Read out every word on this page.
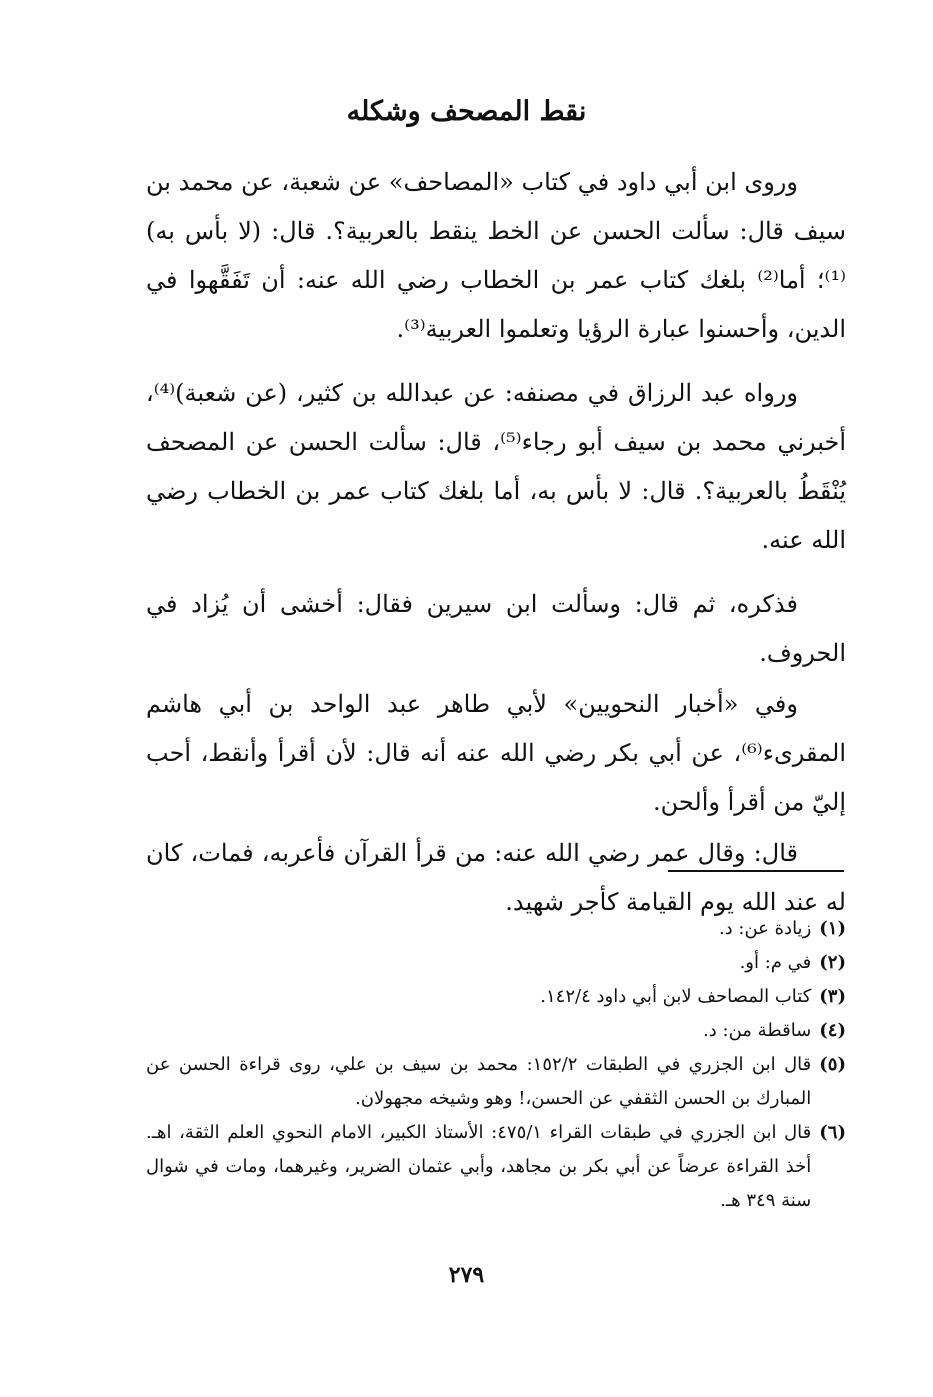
نقط المصحف وشكله

وروى ابن أبي داود في كتاب «المصاحف» عن شعبة، عن محمد بن سيف قال: سألت الحسن عن الخط ينقط بالعربية؟. قال: (لا بأس به)⁽¹⁾؛ أما⁽²⁾ بلغك كتاب عمر بن الخطاب رضي الله عنه: أن تَفَقَّهوا في الدين، وأحسنوا عبارة الرؤيا وتعلموا العربية⁽³⁾.

ورواه عبد الرزاق في مصنفه: عن عبدالله بن كثير، (عن شعبة)⁽⁴⁾، أخبرني محمد بن سيف أبو رجاء⁽⁵⁾، قال: سألت الحسن عن المصحف يُنْقَطُ بالعربية؟. قال: لا بأس به، أما بلغك كتاب عمر بن الخطاب رضي الله عنه.

فذكره، ثم قال: وسألت ابن سيرين فقال: أخشى أن يُزاد في الحروف.

وفي «أخبار النحويين» لأبي طاهر عبد الواحد بن أبي هاشم المقرىء⁽⁶⁾، عن أبي بكر رضي الله عنه أنه قال: لأن أقرأ وأنقط، أحب إليّ من أقرأ وألحن.

قال: وقال عمر رضي الله عنه: من قرأ القرآن فأعربه، فمات، كان له عند الله يوم القيامة كأجر شهيد.

(١)
زيادة عن: د.
(٢)
في م: أو.
(٣)
كتاب المصاحف لابن أبي داود ١٤٢/٤.
(٤)
ساقطة من: د.
(٥)
قال ابن الجزري في الطبقات ١٥٢/٢: محمد بن سيف بن علي، روى قراءة الحسن عن المبارك بن الحسن الثقفي عن الحسن،! وهو وشيخه مجهولان.
(٦)
قال ابن الجزري في طبقات القراء ٤٧٥/١: الأستاذ الكبير، الامام النحوي العلم الثقة، اهـ. أخذ القراءة عرضاً عن أبي بكر بن مجاهد، وأبي عثمان الضرير، وغيرهما، ومات في شوال سنة ٣٤٩ هـ.
٢٧٩
